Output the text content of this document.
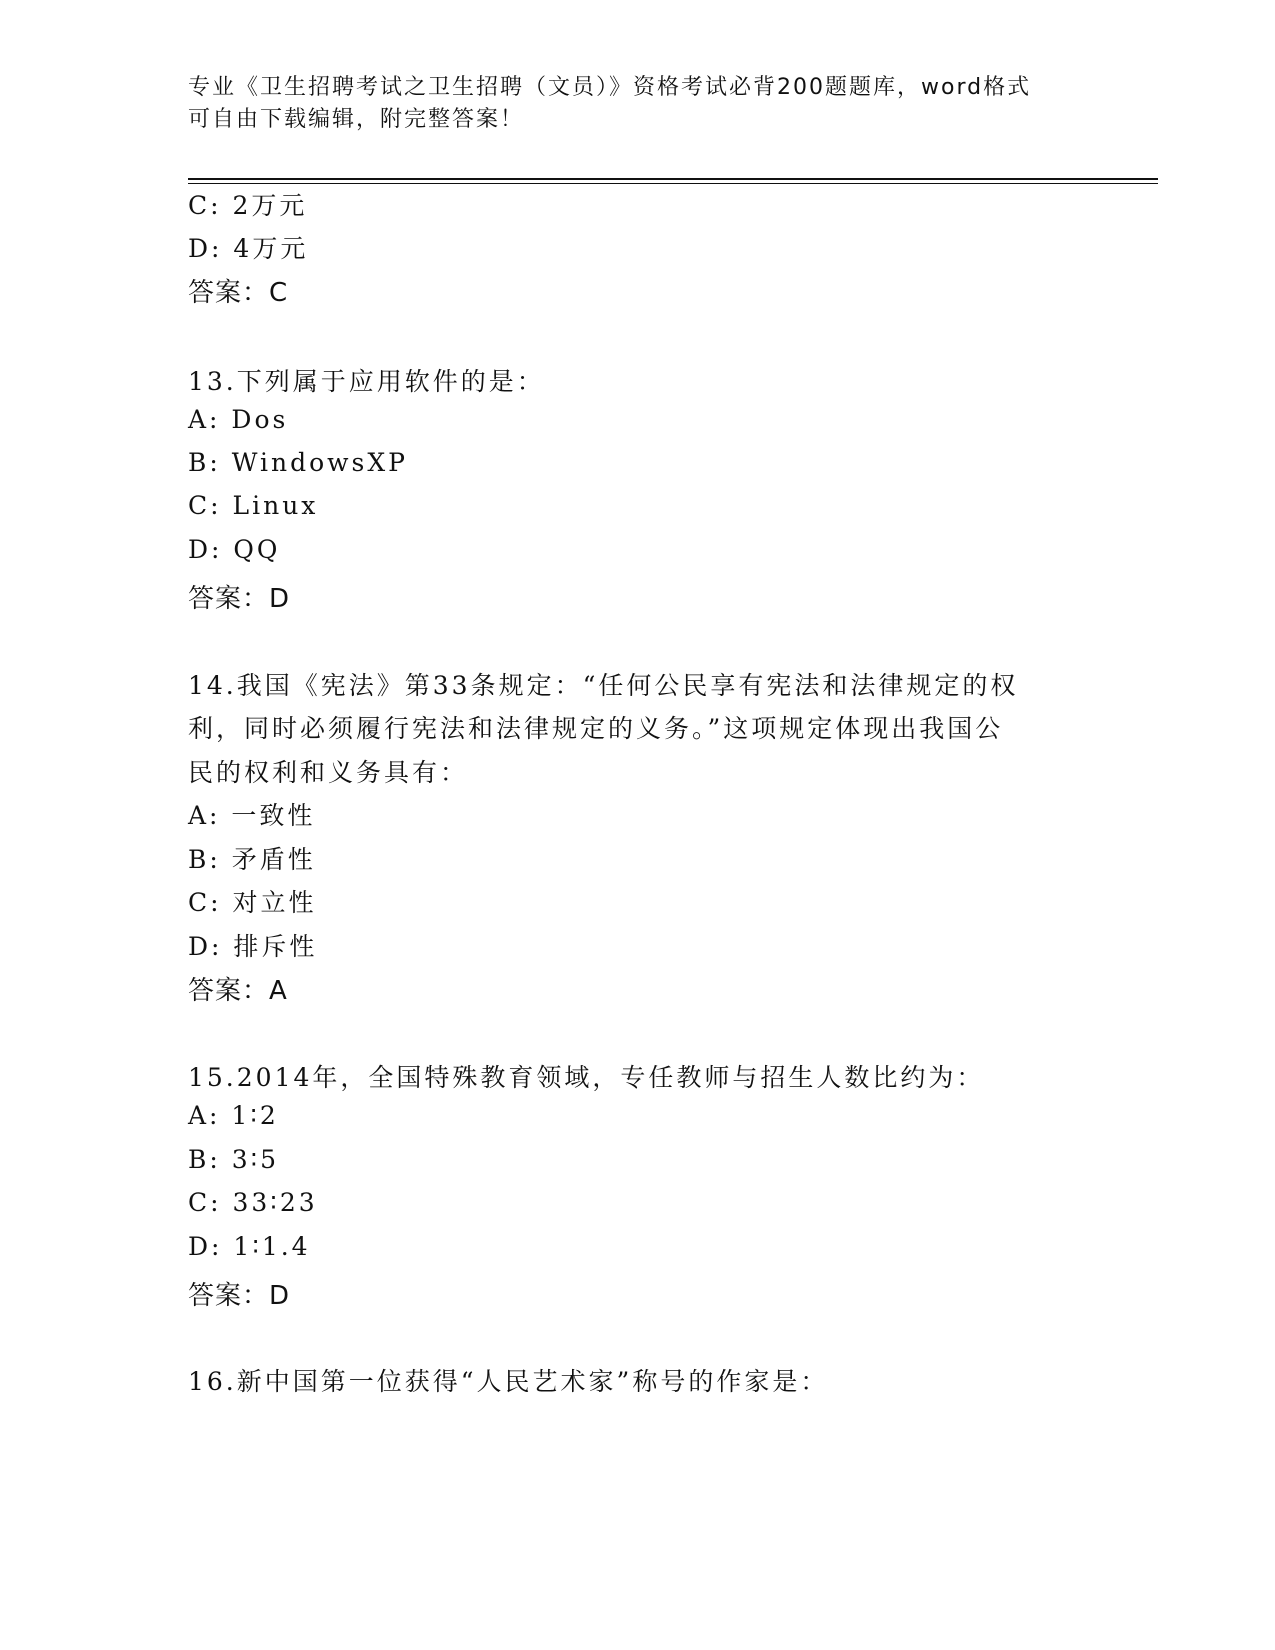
专业《卫生招聘考试之卫生招聘（文员）》资格考试必背200题题库，word格式
可自由下载编辑，附完整答案！
C: 2万元
D: 4万元
答案：C
13.下列属于应用软件的是：
A: Dos
B: WindowsXP
C: Linux
D: QQ
答案：D
14.我国《宪法》第33条规定：“任何公民享有宪法和法律规定的权
利，同时必须履行宪法和法律规定的义务。”这项规定体现出我国公
民的权利和义务具有：
A: 一致性
B: 矛盾性
C: 对立性
D: 排斥性
答案：A
15.2014年，全国特殊教育领域，专任教师与招生人数比约为：
A: 1∶2
B: 3∶5
C: 33∶23
D: 1∶1.4
答案：D
16.新中国第一位获得“人民艺术家”称号的作家是：
